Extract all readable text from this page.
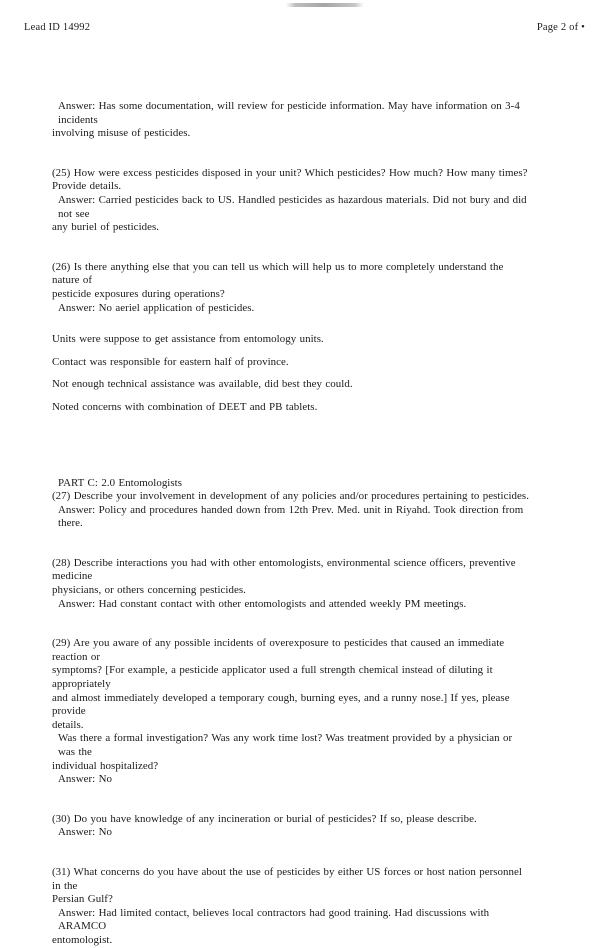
Lead ID 14992	Page 2 of •

Answer: Has some documentation, will review for pesticide information. May have information on 3-4 incidents

involving misuse of pesticides.

(25) How were excess pesticides disposed in your unit? Which pesticides? How much? How many times?

Provide details.

Answer: Carried pesticides back to US. Handled pesticides as hazardous materials. Did not bury and did not see

any buriel of pesticides.

(26) Is there anything else that you can tell us which will help us to more completely understand the nature of

pesticide exposures during operations?

Answer: No aeriel application of pesticides.

Units were suppose to get assistance from entomology units.

Contact was responsible for eastern half of province.

Not enough technical assistance was available, did best they could.

Noted concerns with combination of DEET and PB tablets.

PART C: 2.0 Entomologists

(27) Describe your involvement in development of any policies and/or procedures pertaining to pesticides.

Answer: Policy and procedures handed down from 12th Prev. Med. unit in Riyahd. Took direction from there.

(28) Describe interactions you had with other entomologists, environmental science officers, preventive medicine

physicians, or others concerning pesticides.

Answer: Had constant contact with other entomologists and attended weekly PM meetings.

(29) Are you aware of any possible incidents of overexposure to pesticides that caused an immediate reaction or

symptoms? [For example, a pesticide applicator used a full strength chemical instead of diluting it appropriately

and almost immediately developed a temporary cough, burning eyes, and a runny nose.] If yes, please provide

details.

Was there a formal investigation? Was any work time lost? Was treatment provided by a physician or was the

individual hospitalized?

Answer: No

(30) Do you have knowledge of any incineration or burial of pesticides? If so, please describe.

Answer: No

(31) What concerns do you have about the use of pesticides by either US forces or host nation personnel in the

Persian Gulf?

Answer: Had limited contact, believes local contractors had good training. Had discussions with ARAMCO

entomologist.
